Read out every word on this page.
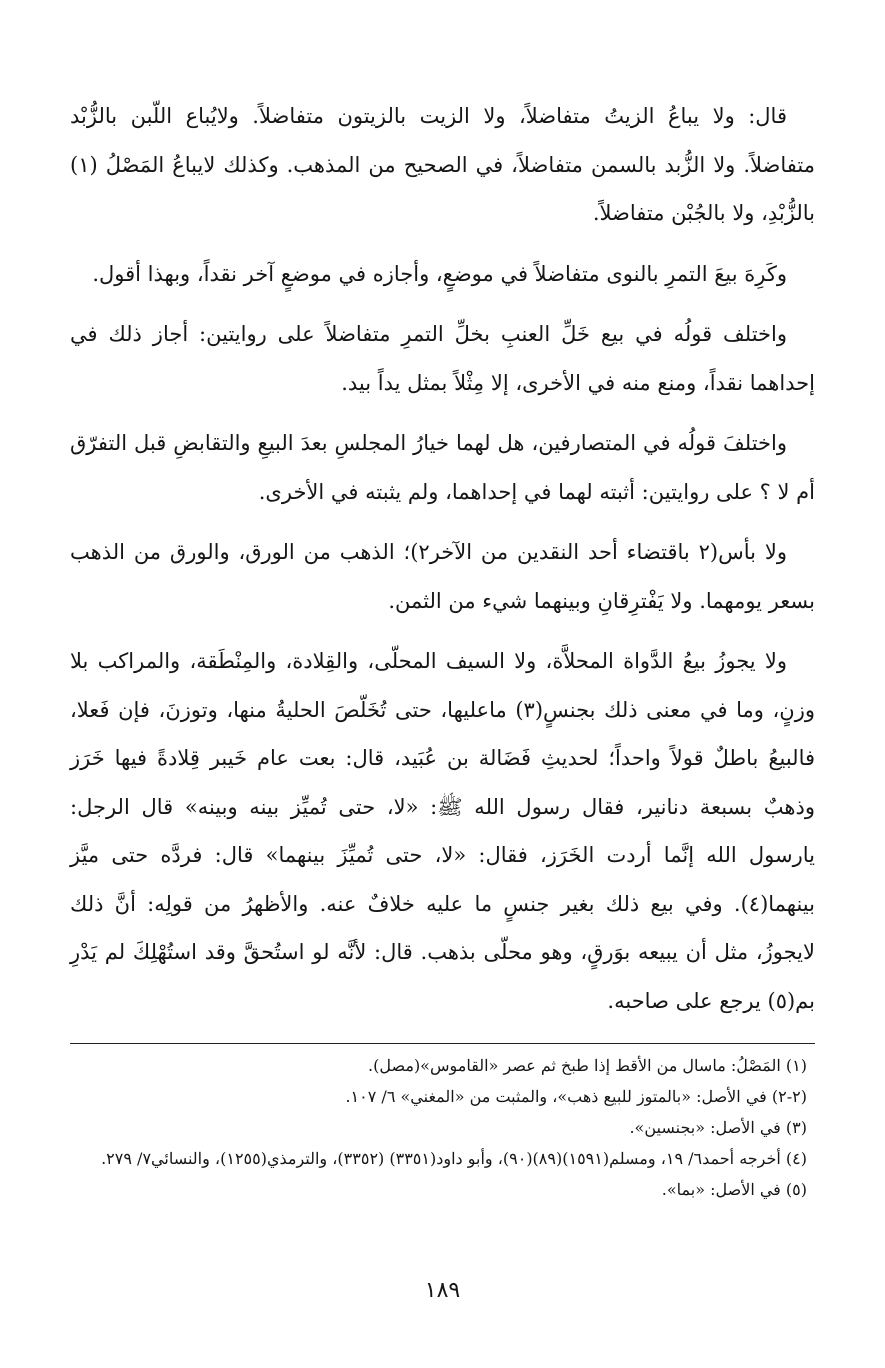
قال: ولا يباعُ الزيتُ متفاضلاً، ولا الزيت بالزيتون متفاضلاً. ولايُباع اللّبن بالزُّبْد متفاضلاً. ولا الزُّبد بالسمن متفاضلاً، في الصحيح من المذهب. وكذلك لايباعُ المَصْلُ (١) بالزُّبْدِ، ولا بالجُبْن متفاضلاً.

وكَرِهَ بيعَ التمرِ بالنوى متفاضلاً في موضعٍ، وأجازه في موضعٍ آخر نقداً، وبهذا أقول.

واختلف قولُه في بيع خَلِّ العنبِ بخلِّ التمرِ متفاضلاً على روايتين: أجاز ذلك في إحداهما نقداً، ومنع منه في الأخرى، إلا مِثْلاً بمثل يداً بيد.

واختلفَ قولُه في المتصارفين، هل لهما خيارُ المجلسِ بعدَ البيعِ والتقابضِ قبل التفرّق أم لا ؟ على روايتين: أثبته لهما في إحداهما، ولم يثبته في الأخرى.

ولا بأس(٢ باقتضاء أحد النقدين من الآخر٢)؛ الذهب من الورق، والورق من الذهب بسعر يومهما. ولا يَفْترِقانِ وبينهما شيء من الثمن.

ولا يجوزُ بيعُ الدَّواة المحلاَّة، ولا السيف المحلّى، والقِلادة، والمِنْطَقة، والمراكب بلا وزنٍ، وما في معنى ذلك بجنسٍ(٣) ماعليها، حتى تُخَلّصَ الحليةُ منها، وتوزنَ، فإن فَعلا، فالبيعُ باطلٌ قولاً واحداً؛ لحديثِ فَضَالة بن عُبَيد، قال: بعت عام خَيبر قِلادةً فيها خَرَز وذهبٌ بسبعة دنانير، فقال رسول الله ﷺ: «لا، حتى تُميِّز بينه وبينه» قال الرجل: يارسول الله إنَّما أردت الخَرَز، فقال: «لا، حتى تُميِّزَ بينهما» قال: فردَّه حتى ميَّز بينهما(٤). وفي بيع ذلك بغير جنسٍ ما عليه خلافٌ عنه. والأظهرُ من قولِه: أنَّ ذلك لايجوزُ، مثل أن يبيعه بوَرقٍ، وهو محلّى بذهب. قال: لأنَّه لو استُحقَّ وقد استُهْلِكَ لم يَدْرِ بم(٥) يرجع على صاحبه.

(١) المَصْلُ: ماسال من الأقط إذا طبخ ثم عصر «القاموس»(مصل).

(٢-٢) في الأصل: «بالمتوز للبيع ذهب»، والمثبت من «المغني» ٦/ ١٠٧.

(٣) في الأصل: «بجنسين».

(٤) أخرجه أحمد٦/ ١٩، ومسلم(١٥٩١)(٨٩)(٩٠)، وأبو داود(٣٣٥١) (٣٣٥٢)، والترمذي(١٢٥٥)، والنسائي٧/ ٢٧٩.

(٥) في الأصل: «بما».

١٨٩
